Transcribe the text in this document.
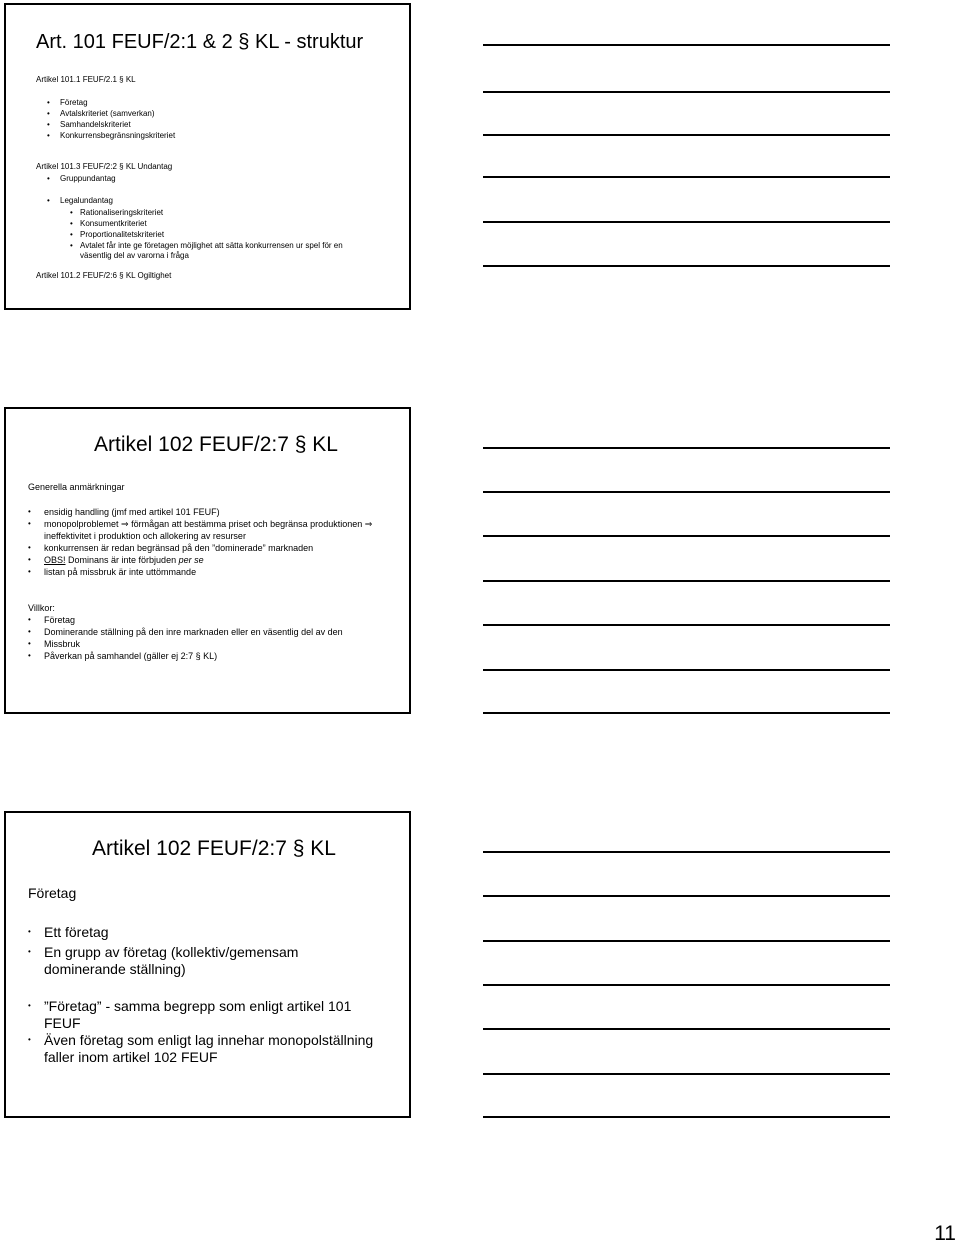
Art. 101 FEUF/2:1 & 2 § KL - struktur
Artikel 101.1 FEUF/2.1 § KL
• Företag
• Avtalskriteriet (samverkan)
• Samhandelskriteriet
• Konkurrensbegränsningskriteriet
Artikel 101.3 FEUF/2:2 § KL Undantag
• Gruppundantag
• Legalundantag
• Rationaliseringskriteriet
• Konsumentkriteriet
• Proportionalitetskriteriet
• Avtalet får inte ge företagen möjlighet att sätta konkurrensen ur spel för en väsentlig del av varorna i fråga
Artikel 101.2 FEUF/2:6 § KL Ogiltighet
Artikel 102 FEUF/2:7 § KL
Generella anmärkningar
• ensidig handling (jmf med artikel 101 FEUF)
• monopolproblemet ⇒ förmågan att bestämma priset och begränsa produktionen ⇒ ineffektivitet i produktion och allokering av resurser
• konkurrensen är redan begränsad på den ”dominerade” marknaden
• OBS! Dominans är inte förbjuden per se
• listan på missbruk är inte uttömmande
Villkor:
• Företag
• Dominerande ställning på den inre marknaden eller en väsentlig del av den
• Missbruk
• Påverkan på samhandel (gäller ej 2:7 § KL)
Artikel 102 FEUF/2:7 § KL
Företag
• Ett företag
• En grupp av företag (kollektiv/gemensam dominerande ställning)
• ”Företag” - samma begrepp som enligt artikel 101 FEUF
• Även företag som enligt lag innehar monopolställning faller inom artikel 102 FEUF
11
